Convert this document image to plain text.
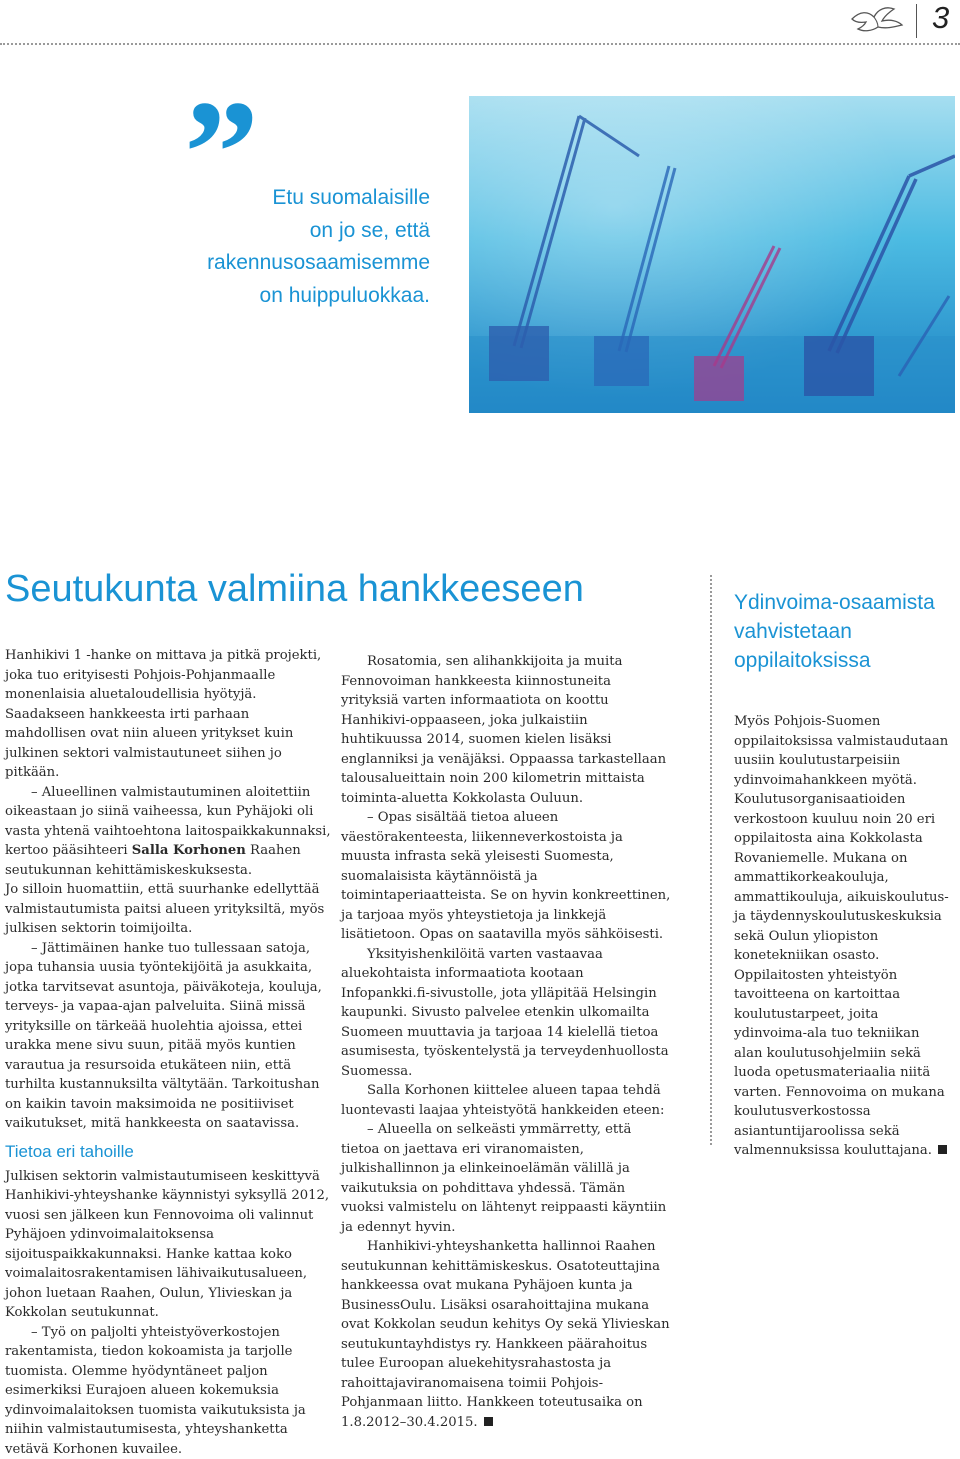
3
” Etu suomalaisille
on jo se, että
rakennusosaamisemme
on huippuluokkaa.
Seutukunta valmiina hankkeeseen

Hanhikivi 1 -hanke on mittava ja pitkä projekti, joka tuo erityisesti Pohjois-Pohjanmaalle monenlaisia aluetaloudellisia hyötyjä. Saadakseen hankkeesta irti parhaan mahdollisen ovat niin alueen yritykset kuin julkinen sektori valmistautuneet siihen jo pitkään.

– Alueellinen valmistautuminen aloitettiin oikeastaan jo siinä vaiheessa, kun Pyhäjoki oli vasta yhtenä vaihtoehtona laitospaikkakunnaksi, kertoo pääsihteeri Salla Korhonen Raahen seutukunnan kehittämiskeskuksesta.

Jo silloin huomattiin, että suurhanke edellyttää valmistautumista paitsi alueen yrityksiltä, myös julkisen sektorin toimijoilta.

– Jättimäinen hanke tuo tullessaan satoja, jopa tuhansia uusia työntekijöitä ja asukkaita, jotka tarvitsevat asuntoja, päiväkoteja, kouluja, terveys- ja vapaa-ajan palveluita. Siinä missä yrityksille on tärkeää huolehtia ajoissa, ettei urakka mene sivu suun, pitää myös kuntien varautua ja resursoida etukäteen niin, että turhilta kustannuksilta vältytään. Tarkoitushan on kaikin tavoin maksimoida ne positiiviset vaikutukset, mitä hankkeesta on saatavissa.

Tietoa eri tahoille

Julkisen sektorin valmistautumiseen keskittyvä Hanhikivi-yhteyshanke käynnistyi syksyllä 2012, vuosi sen jälkeen kun Fennovoima oli valinnut Pyhäjoen ydinvoimalaitoksensa sijoituspaikkakunnaksi. Hanke kattaa koko voimalaitosrakentamisen lähivaikutusalueen, johon luetaan Raahen, Oulun, Ylivieskan ja Kokkolan seutukunnat.

– Työ on paljolti yhteistyöverkostojen rakentamista, tiedon kokoamista ja tarjolle tuomista. Olemme hyödyntäneet paljon esimerkiksi Eurajoen alueen kokemuksia ydinvoimalaitoksen tuomista vaikutuksista ja niihin valmistautumisesta, yhteyshanketta vetävä Korhonen kuvailee.

Rosatomia, sen alihankkijoita ja muita Fennovoiman hankkeesta kiinnostuneita yrityksiä varten informaatiota on koottu Hanhikivi-oppaaseen, joka julkaistiin huhtikuussa 2014, suomen kielen lisäksi englanniksi ja venäjäksi. Oppaassa tarkastellaan talousalueittain noin 200 kilometrin mittaista toiminta-aluetta Kokkolasta Ouluun.

– Opas sisältää tietoa alueen väestörakenteesta, liikenneverkostoista ja muusta infrasta sekä yleisesti Suomesta, suomalaisista käytännöistä ja toimintaperiaatteista. Se on hyvin konkreettinen, ja tarjoaa myös yhteystietoja ja linkkejä lisätietoon. Opas on saatavilla myös sähköisesti.

Yksityishenkilöitä varten vastaavaa aluekohtaista informaatiota kootaan Infopankki.fi-sivustolle, jota ylläpitää Helsingin kaupunki. Sivusto palvelee etenkin ulkomailta Suomeen muuttavia ja tarjoaa 14 kielellä tietoa asumisesta, työskentelystä ja terveydenhuollosta Suomessa.

Salla Korhonen kiittelee alueen tapaa tehdä luontevasti laajaa yhteistyötä hankkeiden eteen:

– Alueella on selkeästi ymmärretty, että tietoa on jaettava eri viranomaisten, julkishallinnon ja elinkeinoelämän välillä ja vaikutuksia on pohdittava yhdessä. Tämän vuoksi valmistelu on lähtenyt reippaasti käyntiin ja edennyt hyvin.

Hanhikivi-yhteyshanketta hallinnoi Raahen seutukunnan kehittämiskeskus. Osatoteuttajina hankkeessa ovat mukana Pyhäjoen kunta ja BusinessOulu. Lisäksi osarahoittajina mukana ovat Kokkolan seudun kehitys Oy sekä Ylivieskan seutukuntayhdistys ry. Hankkeen päärahoitus tulee Euroopan aluekehitysrahastosta ja rahoittajaviranomaisena toimii Pohjois-Pohjanmaan liitto. Hankkeen toteutusaika on 1.8.2012–30.4.2015.

Ydinvoima-osaamista vahvistetaan oppilaitoksissa

Myös Pohjois-Suomen oppilaitoksissa valmistaudutaan uusiin koulutustarpeisiin ydinvoimahankkeen myötä. Koulutusorganisaatioiden verkostoon kuuluu noin 20 eri oppilaitosta aina Kokkolasta Rovaniemelle. Mukana on ammattikorkeakouluja, ammattikouluja, aikuiskoulutus- ja täydennyskoulutuskeskuksia sekä Oulun yliopiston konetekniikan osasto. Oppilaitosten yhteistyön tavoitteena on kartoittaa koulutustarpeet, joita ydinvoima-ala tuo tekniikan alan koulutusohjelmiin sekä luoda opetusmateriaalia niitä varten. Fennovoima on mukana koulutusverkostossa asiantuntijaroolissa sekä valmennuksissa kouluttajana.
